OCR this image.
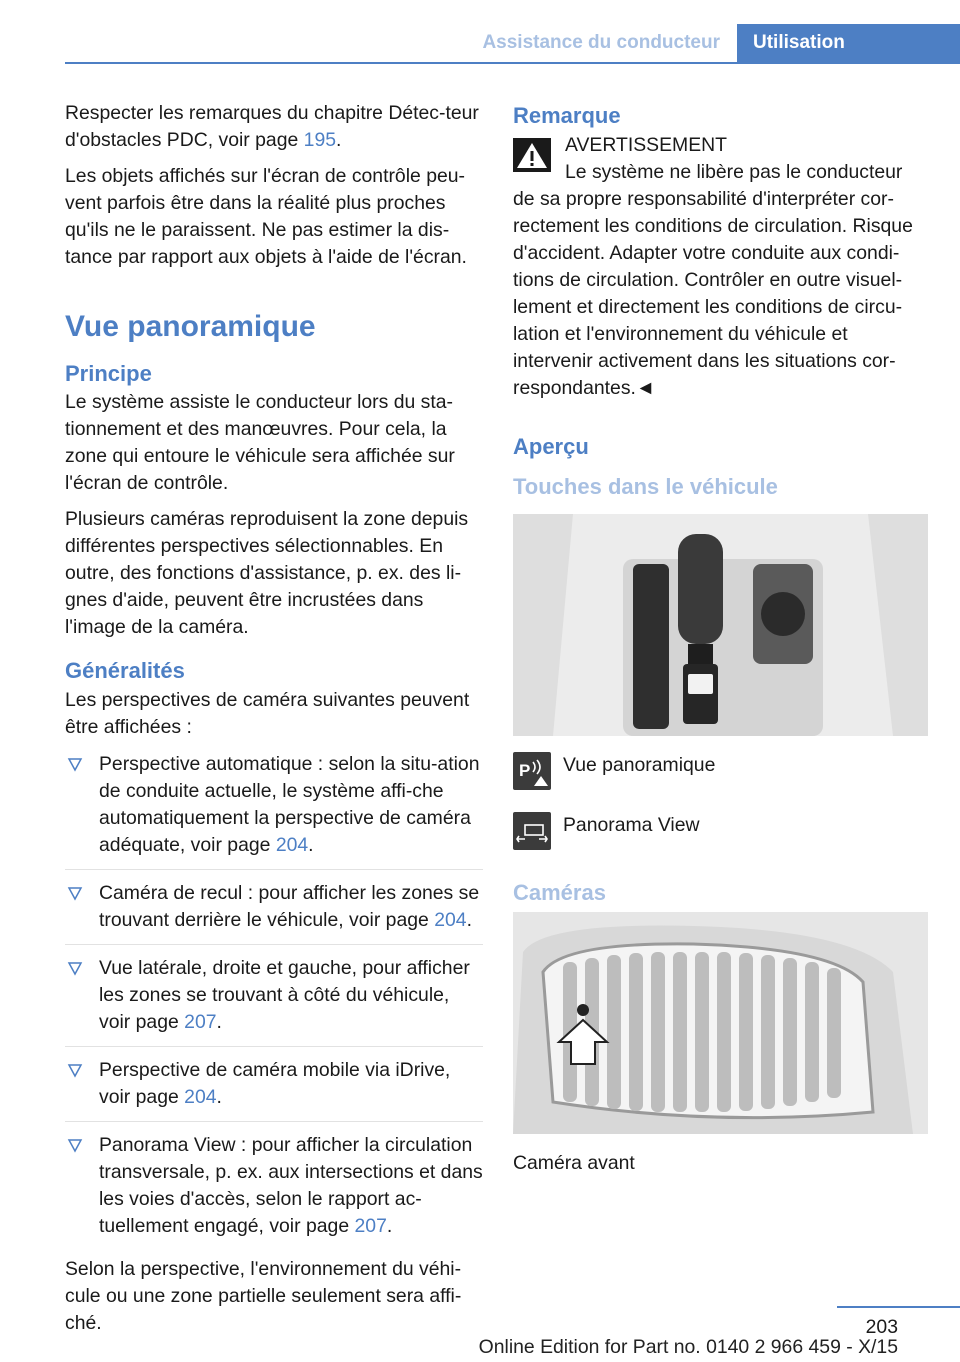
Assistance du conducteur	Utilisation

Respecter les remarques du chapitre Détec-teur d'obstacles PDC, voir page 195.

Les objets affichés sur l'écran de contrôle peu-vent parfois être dans la réalité plus proches qu'ils ne le paraissent. Ne pas estimer la dis-tance par rapport aux objets à l'aide de l'écran.

Vue panoramique
Principe

Le système assiste le conducteur lors du sta-tionnement et des manœuvres. Pour cela, la zone qui entoure le véhicule sera affichée sur l'écran de contrôle.

Plusieurs caméras reproduisent la zone depuis différentes perspectives sélectionnables. En outre, des fonctions d'assistance, p. ex. des li-gnes d'aide, peuvent être incrustées dans l'image de la caméra.

Généralités

Les perspectives de caméra suivantes peuvent être affichées :

Perspective automatique : selon la situ-ation de conduite actuelle, le système affi-che automatiquement la perspective de caméra adéquate, voir page 204.
Caméra de recul : pour afficher les zones se trouvant derrière le véhicule, voir page 204.
Vue latérale, droite et gauche, pour afficher les zones se trouvant à côté du véhicule, voir page 207.
Perspective de caméra mobile via iDrive, voir page 204.
Panorama View : pour afficher la circulation transversale, p. ex. aux intersections et dans les voies d'accès, selon le rapport ac-tuellement engagé, voir page 207.

Selon la perspective, l'environnement du véhi-cule ou une zone partielle seulement sera affi-ché.

Remarque
AVERTISSEMENT
Le système ne libère pas le conducteur
de sa propre responsabilité d'interpréter cor-rectement les conditions de circulation. Risque d'accident. Adapter votre conduite aux condi-tions de circulation. Contrôler en outre visuel-lement et directement les conditions de circu-lation et l'environnement du véhicule et intervenir activement dans les situations cor-respondantes.◄
Aperçu
Touches dans le véhicule
P Vue panoramique
Panorama View
Caméras

Caméra avant

203
Online Edition for Part no. 0140 2 966 459 - X/15
